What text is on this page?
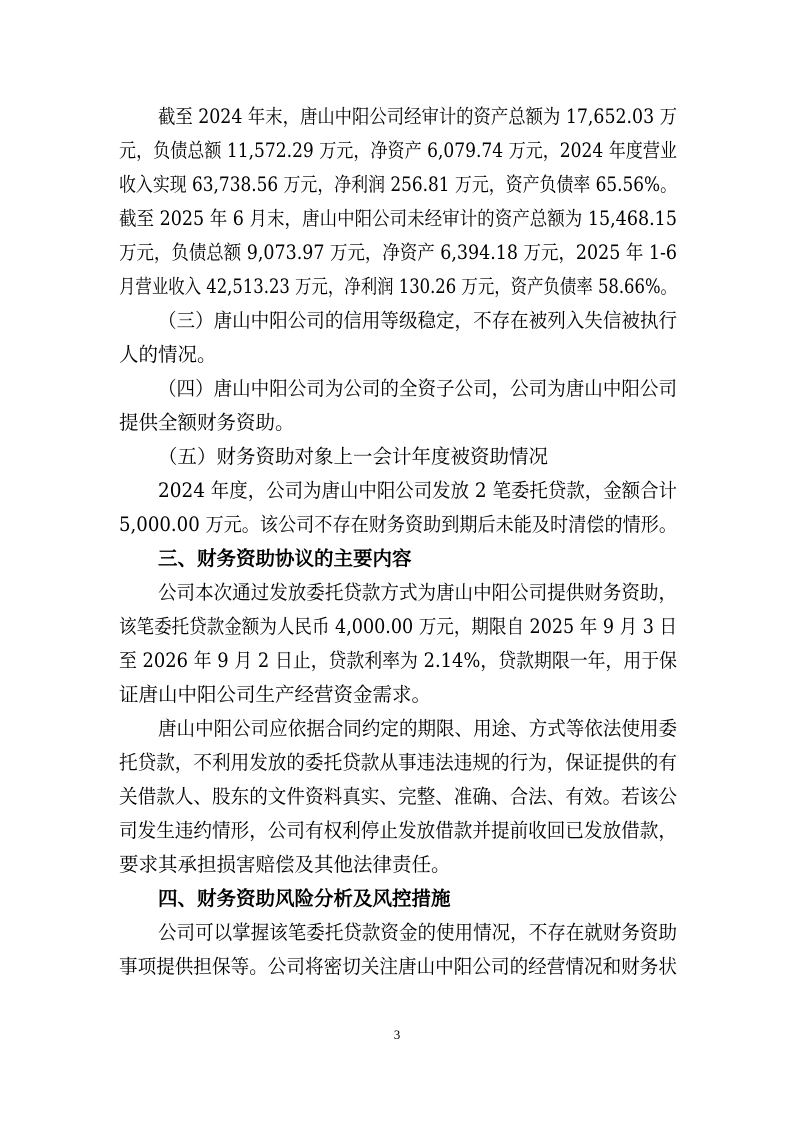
截至 2024 年末，唐山中阳公司经审计的资产总额为 17,652.03 万
元，负债总额 11,572.29 万元，净资产 6,079.74 万元，2024 年度营业
收入实现 63,738.56 万元，净利润 256.81 万元，资产负债率 65.56%。
截至 2025 年 6 月末，唐山中阳公司未经审计的资产总额为 15,468.15
万元，负债总额 9,073.97 万元，净资产 6,394.18 万元，2025 年 1-6
月营业收入 42,513.23 万元，净利润 130.26 万元，资产负债率 58.66%。
（三）唐山中阳公司的信用等级稳定，不存在被列入失信被执行
人的情况。
（四）唐山中阳公司为公司的全资子公司，公司为唐山中阳公司
提供全额财务资助。
（五）财务资助对象上一会计年度被资助情况
2024 年度，公司为唐山中阳公司发放 2 笔委托贷款，金额合计
5,000.00 万元。该公司不存在财务资助到期后未能及时清偿的情形。
三、财务资助协议的主要内容
公司本次通过发放委托贷款方式为唐山中阳公司提供财务资助，
该笔委托贷款金额为人民币 4,000.00 万元，期限自 2025 年 9 月 3 日
至 2026 年 9 月 2 日止，贷款利率为 2.14%，贷款期限一年，用于保
证唐山中阳公司生产经营资金需求。
唐山中阳公司应依据合同约定的期限、用途、方式等依法使用委
托贷款，不利用发放的委托贷款从事违法违规的行为，保证提供的有
关借款人、股东的文件资料真实、完整、准确、合法、有效。若该公
司发生违约情形，公司有权利停止发放借款并提前收回已发放借款，
要求其承担损害赔偿及其他法律责任。
四、财务资助风险分析及风控措施
公司可以掌握该笔委托贷款资金的使用情况，不存在就财务资助
事项提供担保等。公司将密切关注唐山中阳公司的经营情况和财务状
3
